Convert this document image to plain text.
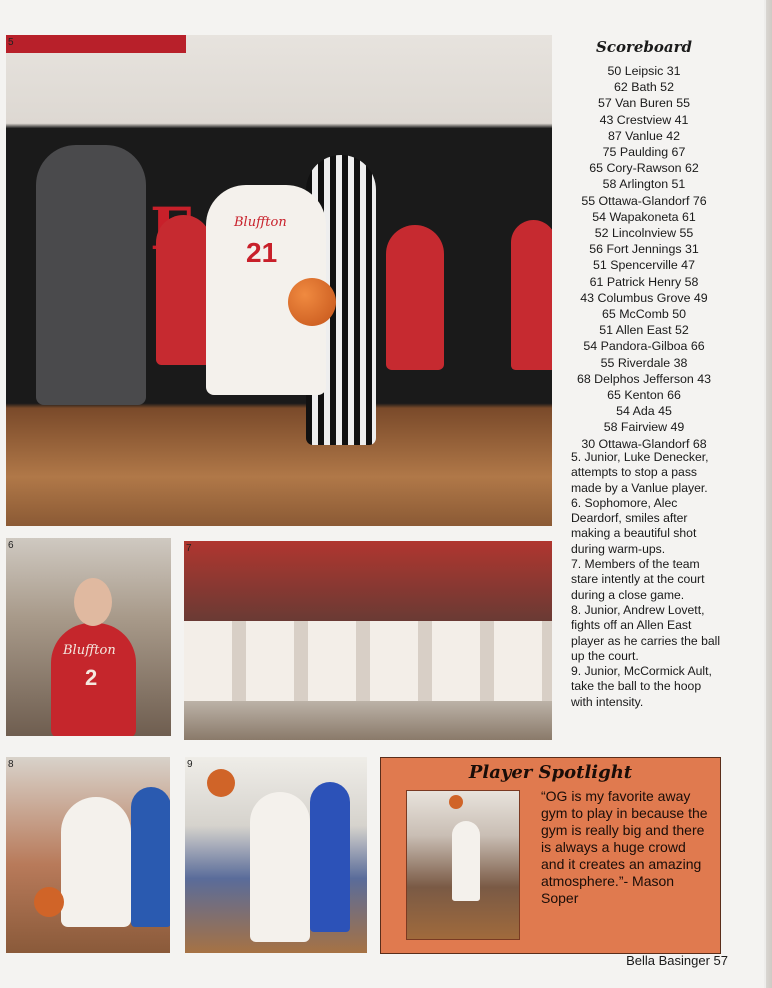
5
Bluffton
21
6
Bluffton
2
7
8	9	Player Spotlight
“OG is my favorite away gym to play in because the gym is really big and there is always a huge crowd and it creates an amazing atmosphere.”- Mason Soper
Scoreboard
50 Leipsic 31
62 Bath 52
57 Van Buren 55
43 Crestview 41
87 Vanlue 42
75 Paulding 67
65 Cory-Rawson 62
58 Arlington 51
55 Ottawa-Glandorf 76
54 Wapakoneta 61
52 Lincolnview 55
56 Fort Jennings 31
51 Spencerville 47
61 Patrick Henry 58
43 Columbus Grove 49
65 McComb 50
51 Allen East 52
54 Pandora-Gilboa 66
55 Riverdale 38
68 Delphos Jefferson 43
65 Kenton 66
54 Ada 45
58 Fairview 49
30 Ottawa-Glandorf 68

5. Junior, Luke Denecker, attempts to stop a pass made by a Vanlue player.

6. Sophomore, Alec Deardorf, smiles after making a beautiful shot during warm-ups.

7. Members of the team stare intently at the court during a close game.

8. Junior, Andrew Lovett, fights off an Allen East player as he carries the ball up the court.

9. Junior, McCormick Ault, take the ball to the hoop with intensity.

Bella Basinger 57
